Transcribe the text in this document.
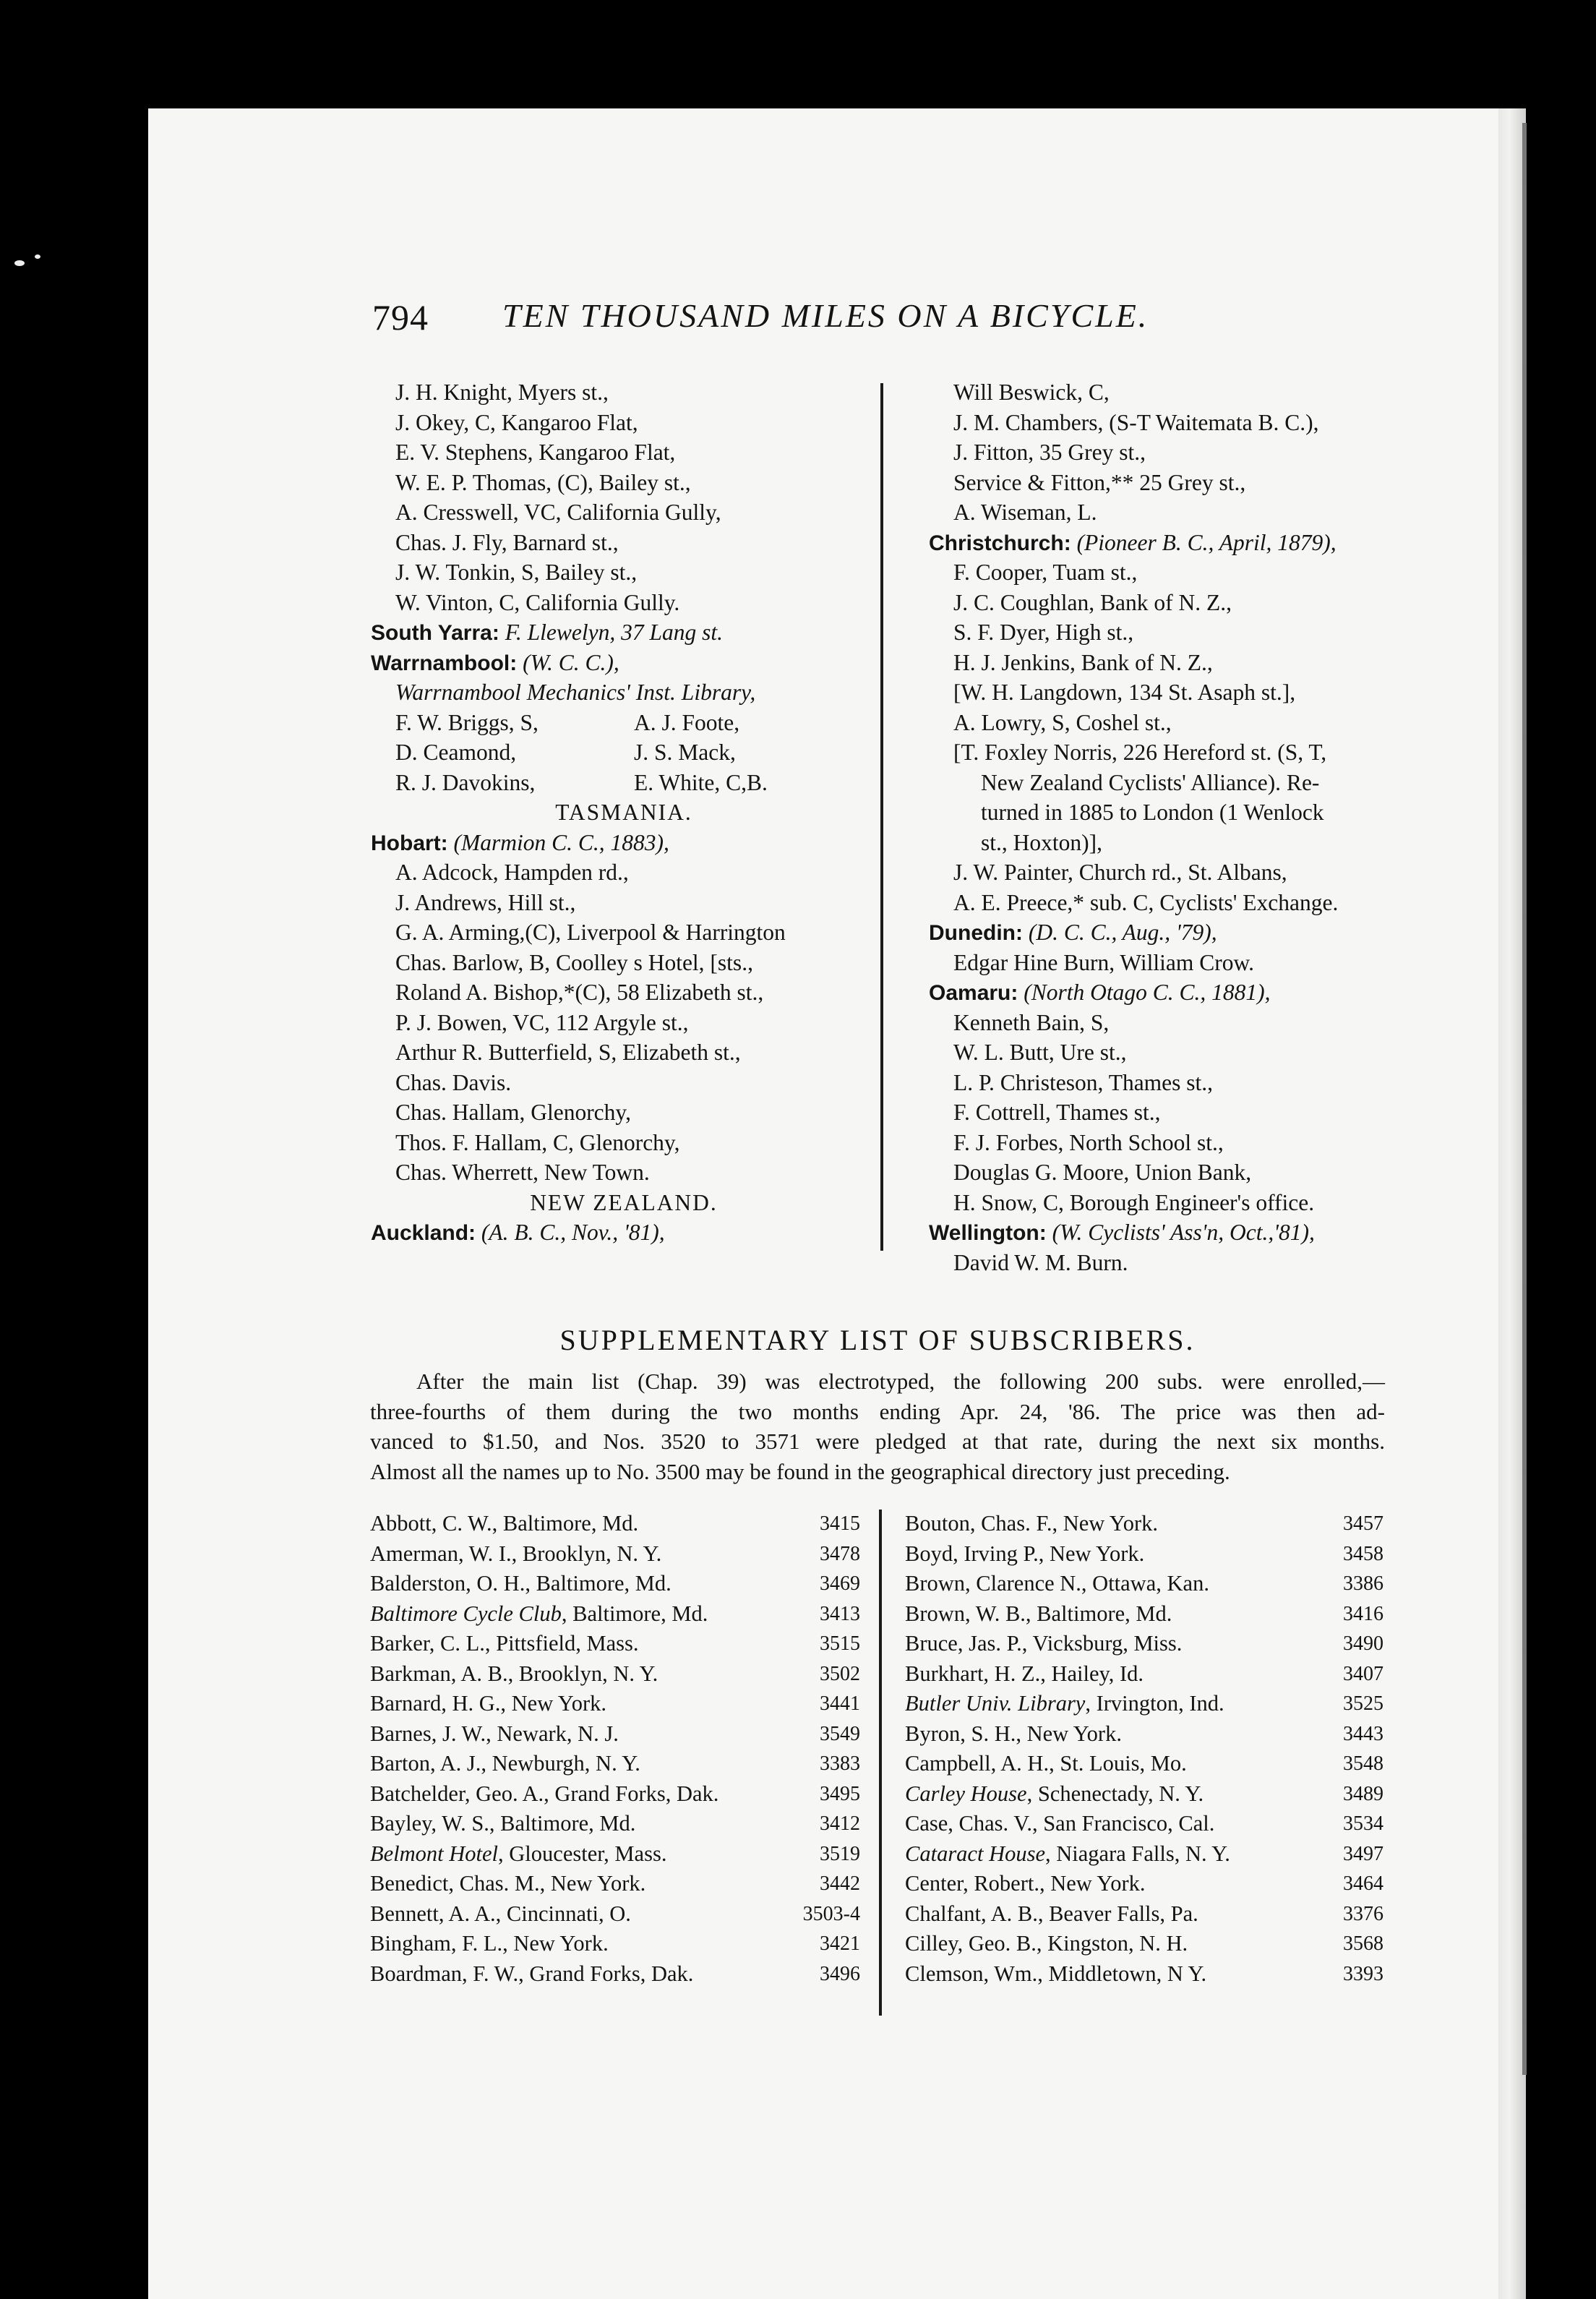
794 TEN THOUSAND MILES ON A BICYCLE.
J. H. Knight, Myers st.,
J. Okey, C, Kangaroo Flat,
E. V. Stephens, Kangaroo Flat,
W. E. P. Thomas, (C), Bailey st.,
A. Cresswell, VC, California Gully,
Chas. J. Fly, Barnard st.,
J. W. Tonkin, S, Bailey st.,
W. Vinton, C, California Gully.
South Yarra: F. Llewelyn, 37 Lang st.
Warrnambool: (W. C. C.),
Warrnambool Mechanics' Inst. Library,
F. W. Briggs, S,	A. J. Foote,
D. Ceamond,	J. S. Mack,
R. J. Davokins,	E. White, C,B.
TASMANIA.
Hobart: (Marmion C. C., 1883),
A. Adcock, Hampden rd.,
J. Andrews, Hill st.,
G. A. Arming,(C), Liverpool & Harrington
Chas. Barlow, B, Coolley s Hotel, [sts.,
Roland A. Bishop,*(C), 58 Elizabeth st.,
P. J. Bowen, VC, 112 Argyle st.,
Arthur R. Butterfield, S, Elizabeth st.,
Chas. Davis.
Chas. Hallam, Glenorchy,
Thos. F. Hallam, C, Glenorchy,
Chas. Wherrett, New Town.
NEW ZEALAND.
Auckland: (A. B. C., Nov., '81),
Will Beswick, C,
J. M. Chambers, (S-T Waitemata B. C.),
J. Fitton, 35 Grey st.,
Service & Fitton,** 25 Grey st.,
A. Wiseman, L.
Christchurch: (Pioneer B. C., April, 1879),
F. Cooper, Tuam st.,
J. C. Coughlan, Bank of N. Z.,
S. F. Dyer, High st.,
H. J. Jenkins, Bank of N. Z.,
[W. H. Langdown, 134 St. Asaph st.],
A. Lowry, S, Coshel st.,
[T. Foxley Norris, 226 Hereford st. (S, T,
New Zealand Cyclists' Alliance). Re-
turned in 1885 to London (1 Wenlock
st., Hoxton)],
J. W. Painter, Church rd., St. Albans,
A. E. Preece,* sub. C, Cyclists' Exchange.
Dunedin: (D. C. C., Aug., '79),
Edgar Hine Burn, William Crow.
Oamaru: (North Otago C. C., 1881),
Kenneth Bain, S,
W. L. Butt, Ure st.,
L. P. Christeson, Thames st.,
F. Cottrell, Thames st.,
F. J. Forbes, North School st.,
Douglas G. Moore, Union Bank,
H. Snow, C, Borough Engineer's office.
Wellington: (W. Cyclists' Ass'n, Oct.,'81),
David W. M. Burn.
SUPPLEMENTARY LIST OF SUBSCRIBERS.
After the main list (Chap. 39) was electrotyped, the following 200 subs. were enrolled,—
three-fourths of them during the two months ending Apr. 24, '86. The price was then ad-
vanced to $1.50, and Nos. 3520 to 3571 were pledged at that rate, during the next six months.
Almost all the names up to No. 3500 may be found in the geographical directory just preceding.
Abbott, C. W., Baltimore, Md.	3415
Amerman, W. I., Brooklyn, N. Y.	3478
Balderston, O. H., Baltimore, Md.	3469
Baltimore Cycle Club, Baltimore, Md.	3413
Barker, C. L., Pittsfield, Mass.	3515
Barkman, A. B., Brooklyn, N. Y.	3502
Barnard, H. G., New York.	3441
Barnes, J. W., Newark, N. J.	3549
Barton, A. J., Newburgh, N. Y.	3383
Batchelder, Geo. A., Grand Forks, Dak.	3495
Bayley, W. S., Baltimore, Md.	3412
Belmont Hotel, Gloucester, Mass.	3519
Benedict, Chas. M., New York.	3442
Bennett, A. A., Cincinnati, O.	3503-4
Bingham, F. L., New York.	3421
Boardman, F. W., Grand Forks, Dak.	3496
Bouton, Chas. F., New York.	3457
Boyd, Irving P., New York.	3458
Brown, Clarence N., Ottawa, Kan.	3386
Brown, W. B., Baltimore, Md.	3416
Bruce, Jas. P., Vicksburg, Miss.	3490
Burkhart, H. Z., Hailey, Id.	3407
Butler Univ. Library, Irvington, Ind.	3525
Byron, S. H., New York.	3443
Campbell, A. H., St. Louis, Mo.	3548
Carley House, Schenectady, N. Y.	3489
Case, Chas. V., San Francisco, Cal.	3534
Cataract House, Niagara Falls, N. Y.	3497
Center, Robert., New York.	3464
Chalfant, A. B., Beaver Falls, Pa.	3376
Cilley, Geo. B., Kingston, N. H.	3568
Clemson, Wm., Middletown, N Y.	3393
